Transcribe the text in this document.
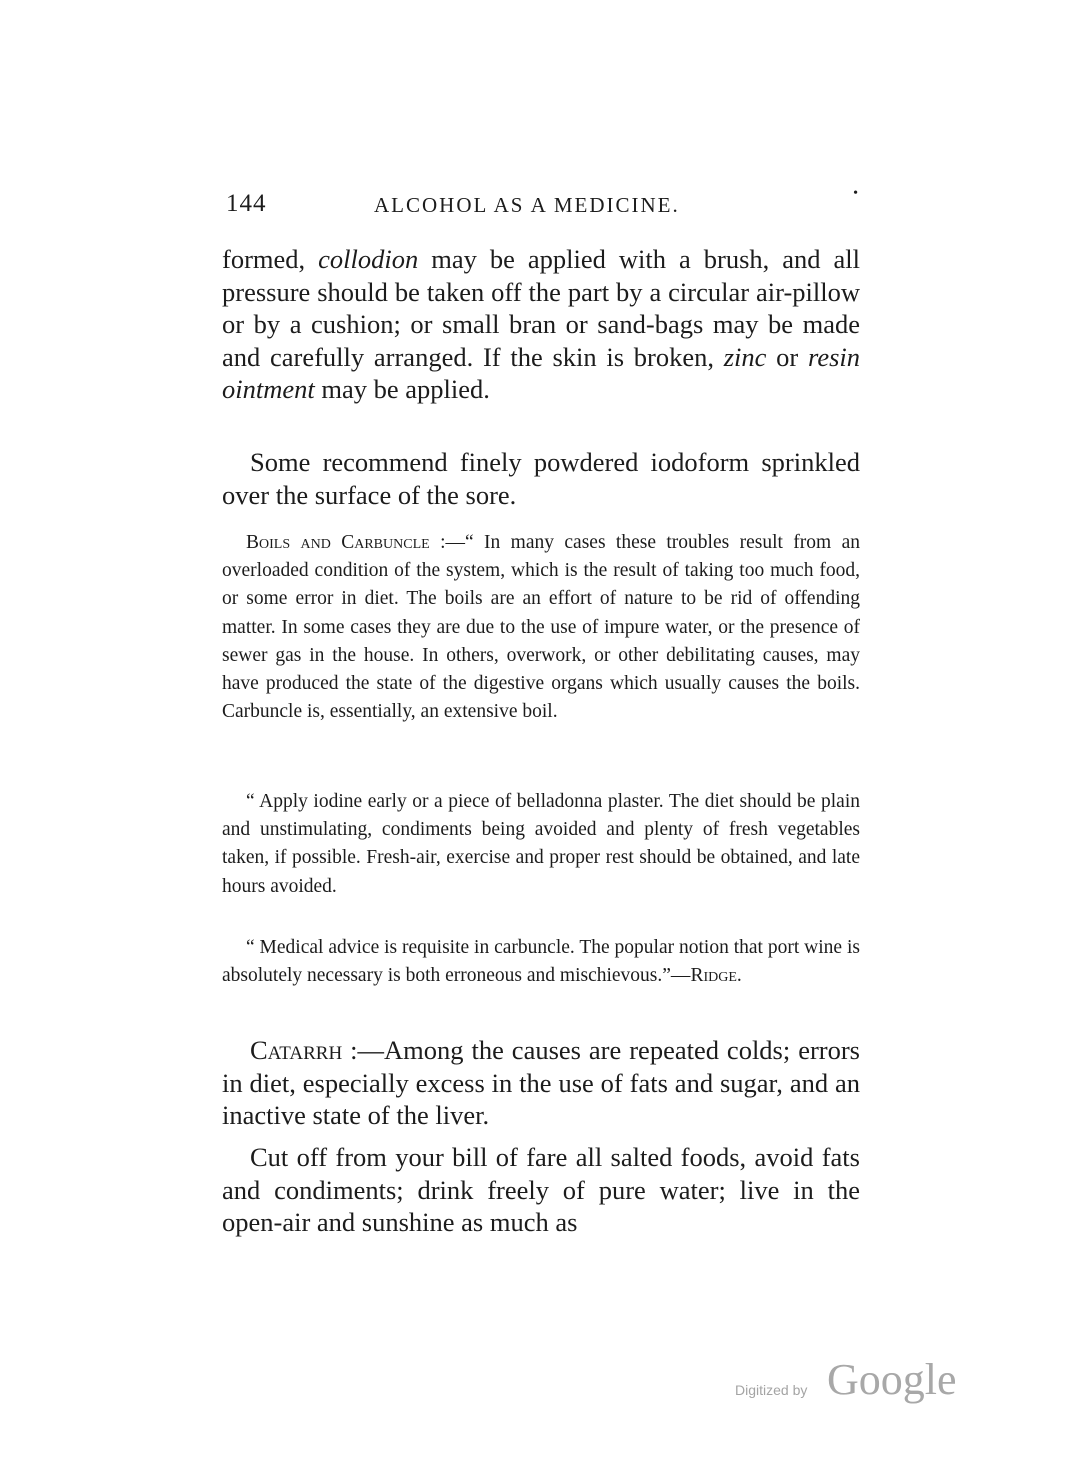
144	ALCOHOL AS A MEDICINE.	•

formed, collodion may be applied with a brush, and all pressure should be taken off the part by a circular air-pillow or by a cushion; or small bran or sand-bags may be made and carefully arranged. If the skin is broken, zinc or resin ointment may be applied.

Some recommend finely powdered iodoform sprinkled over the surface of the sore.

Boils and Carbuncle :—“ In many cases these troubles result from an overloaded condition of the system, which is the result of taking too much food, or some error in diet. The boils are an effort of nature to be rid of offending matter. In some cases they are due to the use of impure water, or the presence of sewer gas in the house. In others, overwork, or other debilitating causes, may have produced the state of the digestive organs which usually causes the boils. Carbuncle is, essentially, an extensive boil.

“ Apply iodine early or a piece of belladonna plaster. The diet should be plain and unstimulating, condiments being avoided and plenty of fresh vegetables taken, if possible. Fresh-air, exercise and proper rest should be obtained, and late hours avoided.

“ Medical advice is requisite in carbuncle. The popular notion that port wine is absolutely necessary is both erroneous and mischievous.”—Ridge.

Catarrh :—Among the causes are repeated colds; errors in diet, especially excess in the use of fats and sugar, and an inactive state of the liver.

Cut off from your bill of fare all salted foods, avoid fats and condiments; drink freely of pure water; live in the open-air and sunshine as much as

Digitized by Google
